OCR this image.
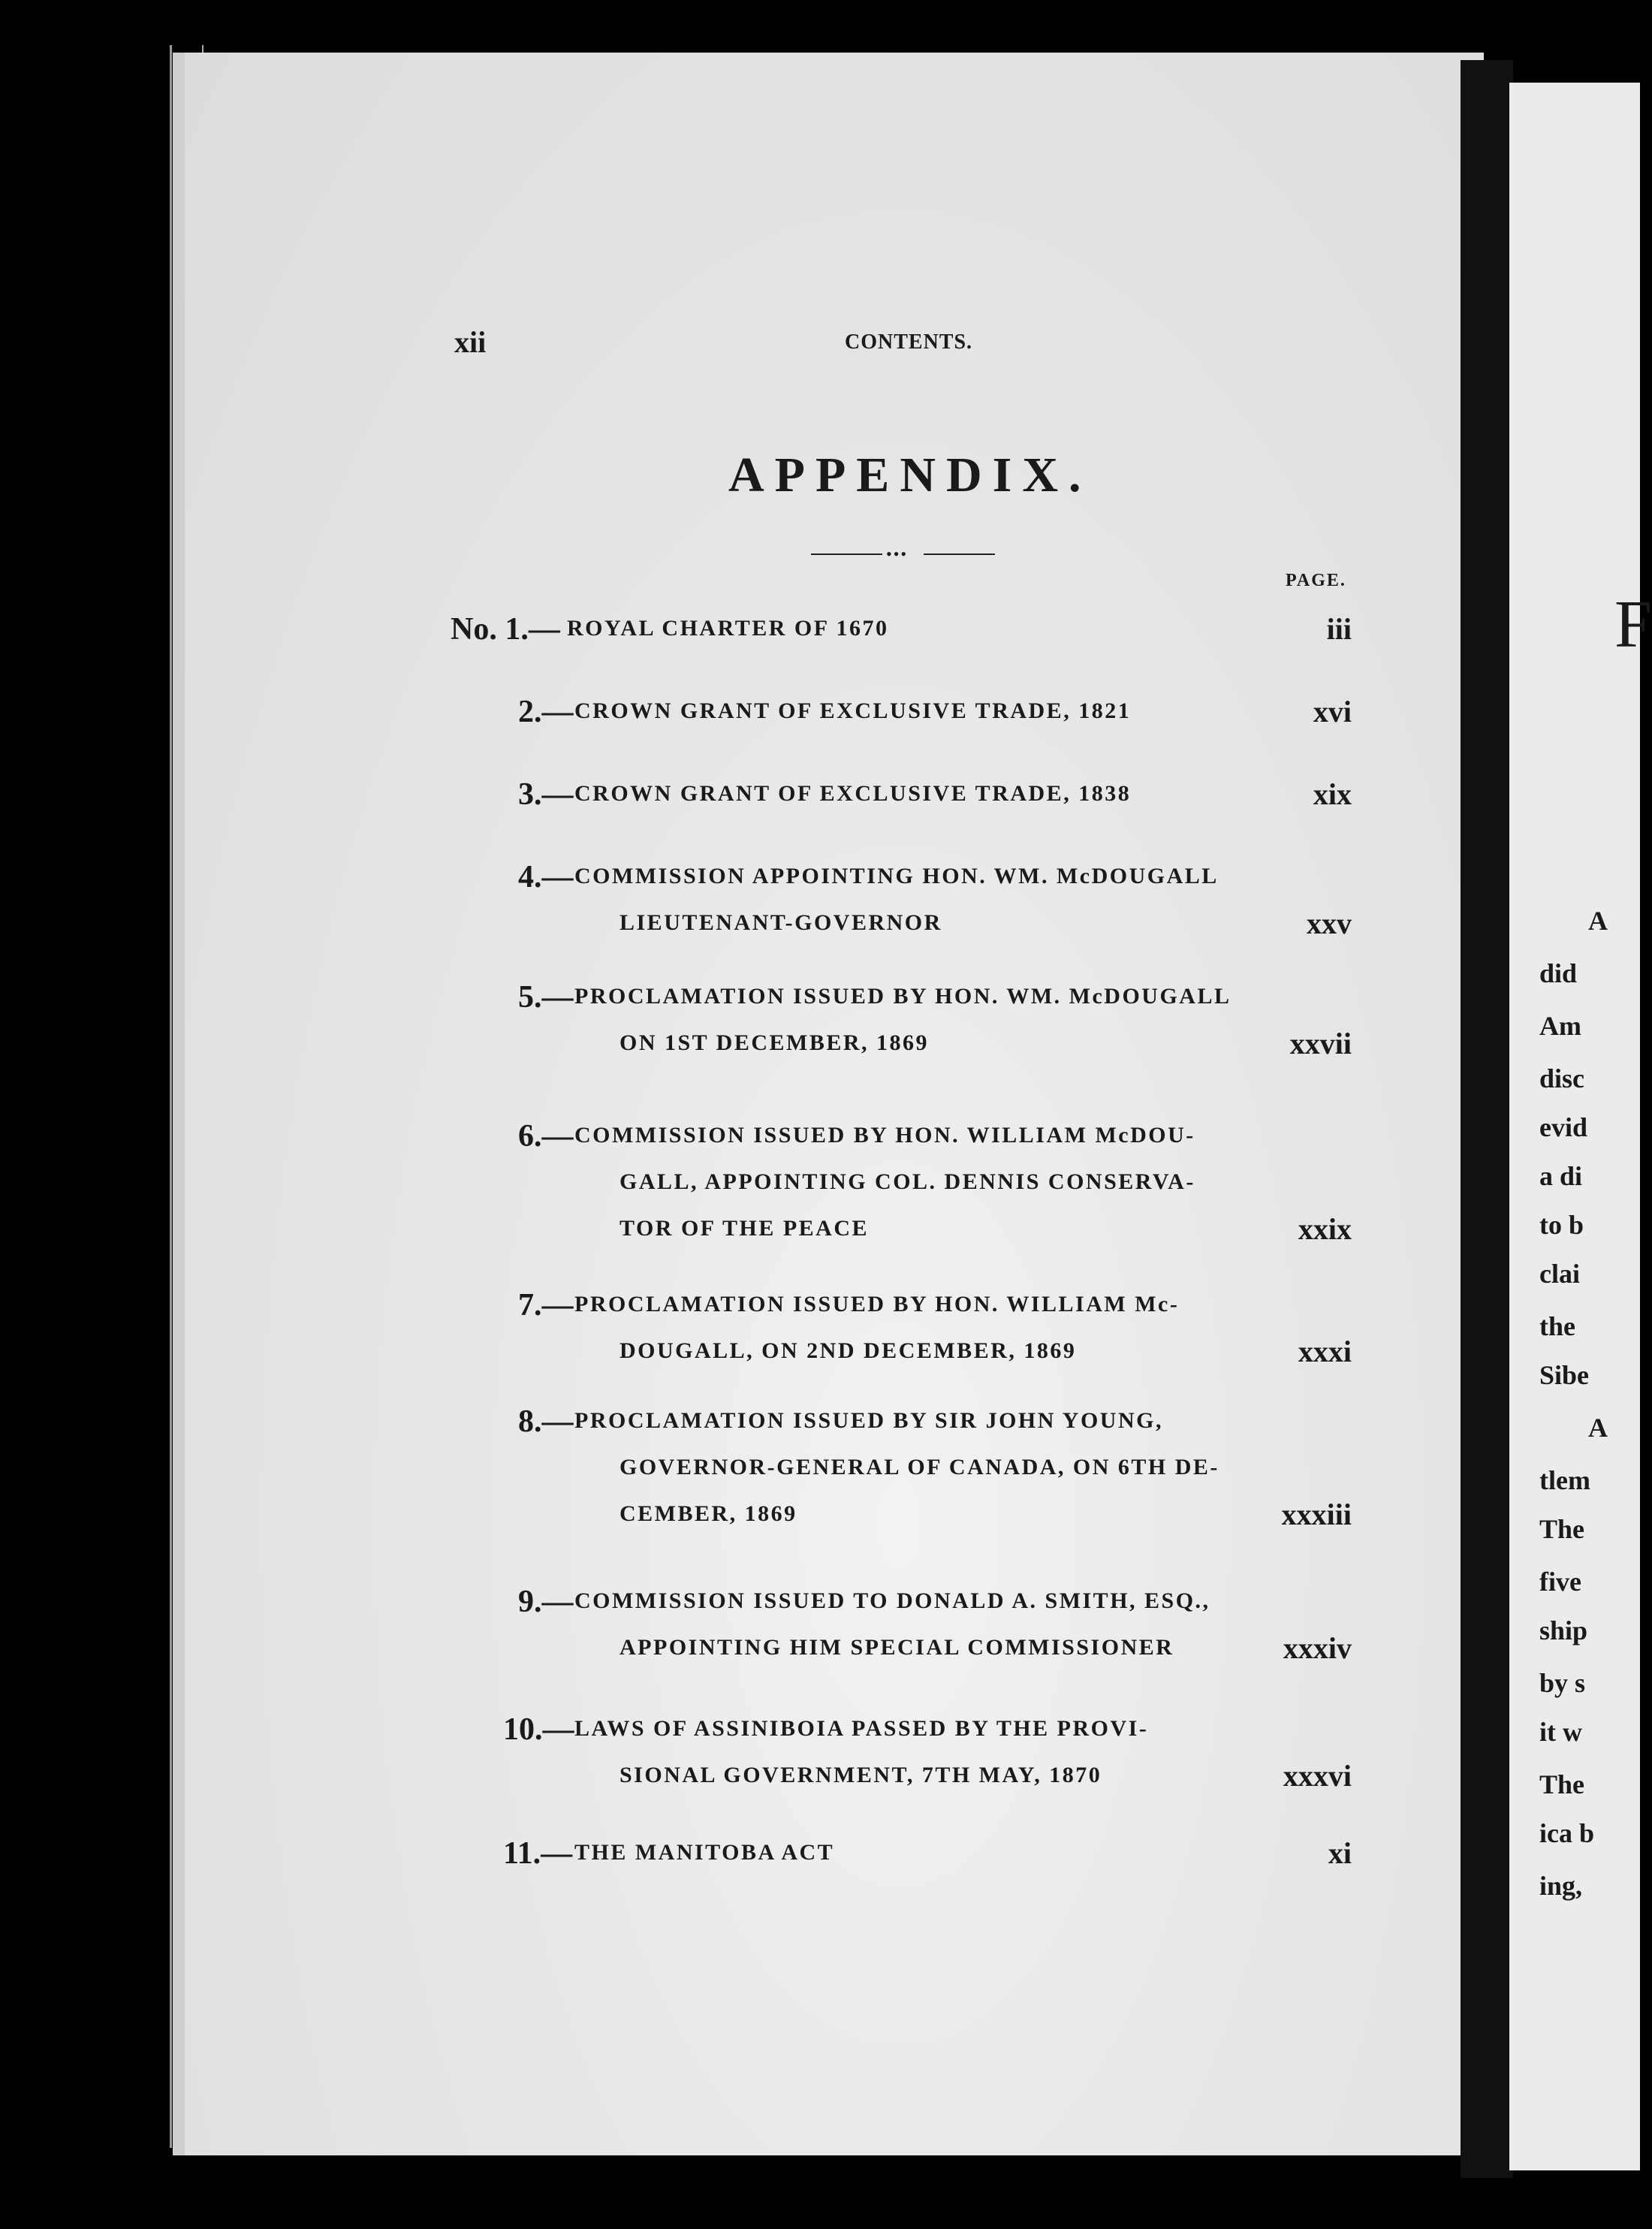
xii	CONTENTS.
APPENDIX.
•••
PAGE.
No. 1.— ROYAL CHARTER OF 1670	iii
2.— CROWN GRANT OF EXCLUSIVE TRADE, 1821	xvi
3.— CROWN GRANT OF EXCLUSIVE TRADE, 1838	xix
4.— COMMISSION APPOINTING HON. WM. McDOUGALL
LIEUTENANT-GOVERNOR	xxv
5.— PROCLAMATION ISSUED BY HON. WM. McDOUGALL
ON 1ST DECEMBER, 1869	xxvii
6.— COMMISSION ISSUED BY HON. WILLIAM McDOU-
GALL, APPOINTING COL. DENNIS CONSERVA-
TOR OF THE PEACE	xxix
7.— PROCLAMATION ISSUED BY HON. WILLIAM Mc-
DOUGALL, ON 2ND DECEMBER, 1869	xxxi
8.— PROCLAMATION ISSUED BY SIR JOHN YOUNG,
GOVERNOR-GENERAL OF CANADA, ON 6TH DE-
CEMBER, 1869	xxxiii
9.— COMMISSION ISSUED TO DONALD A. SMITH, ESQ.,
APPOINTING HIM SPECIAL COMMISSIONER	xxxiv
10.— LAWS OF ASSINIBOIA PASSED BY THE PROVI-
SIONAL GOVERNMENT, 7TH MAY, 1870	xxxvi
11.— THE MANITOBA ACT	xi
F
A
did
Am
disc
evid
a di
to b
clai
the
Sibe
A
tlem
The
five
ship
by s
it w
The
ica b
ing,
